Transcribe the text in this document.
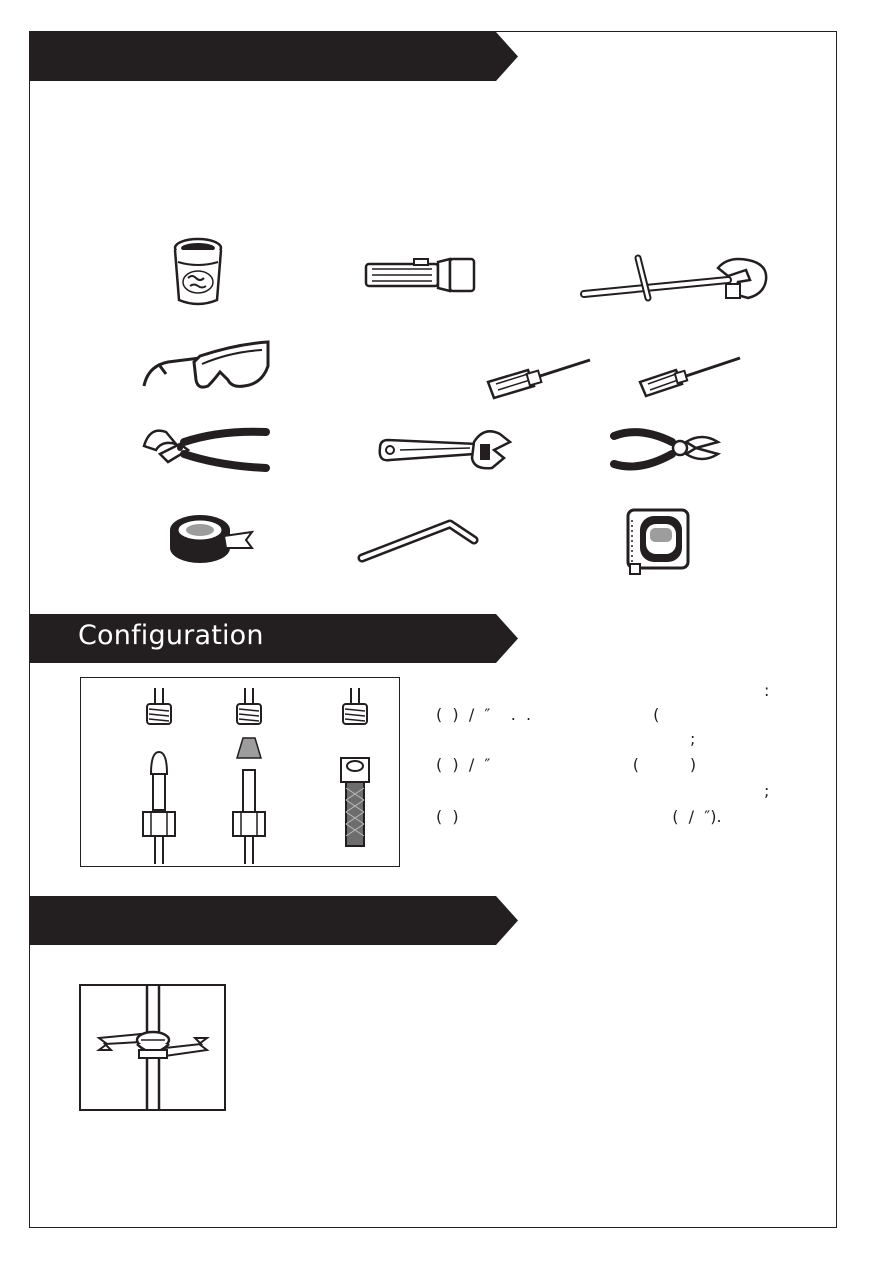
Configuration
:
(  )  /  ″    .  .                        (
;
(  )  /  ″                            (          )
;
(  )                                          (  /  ″).
